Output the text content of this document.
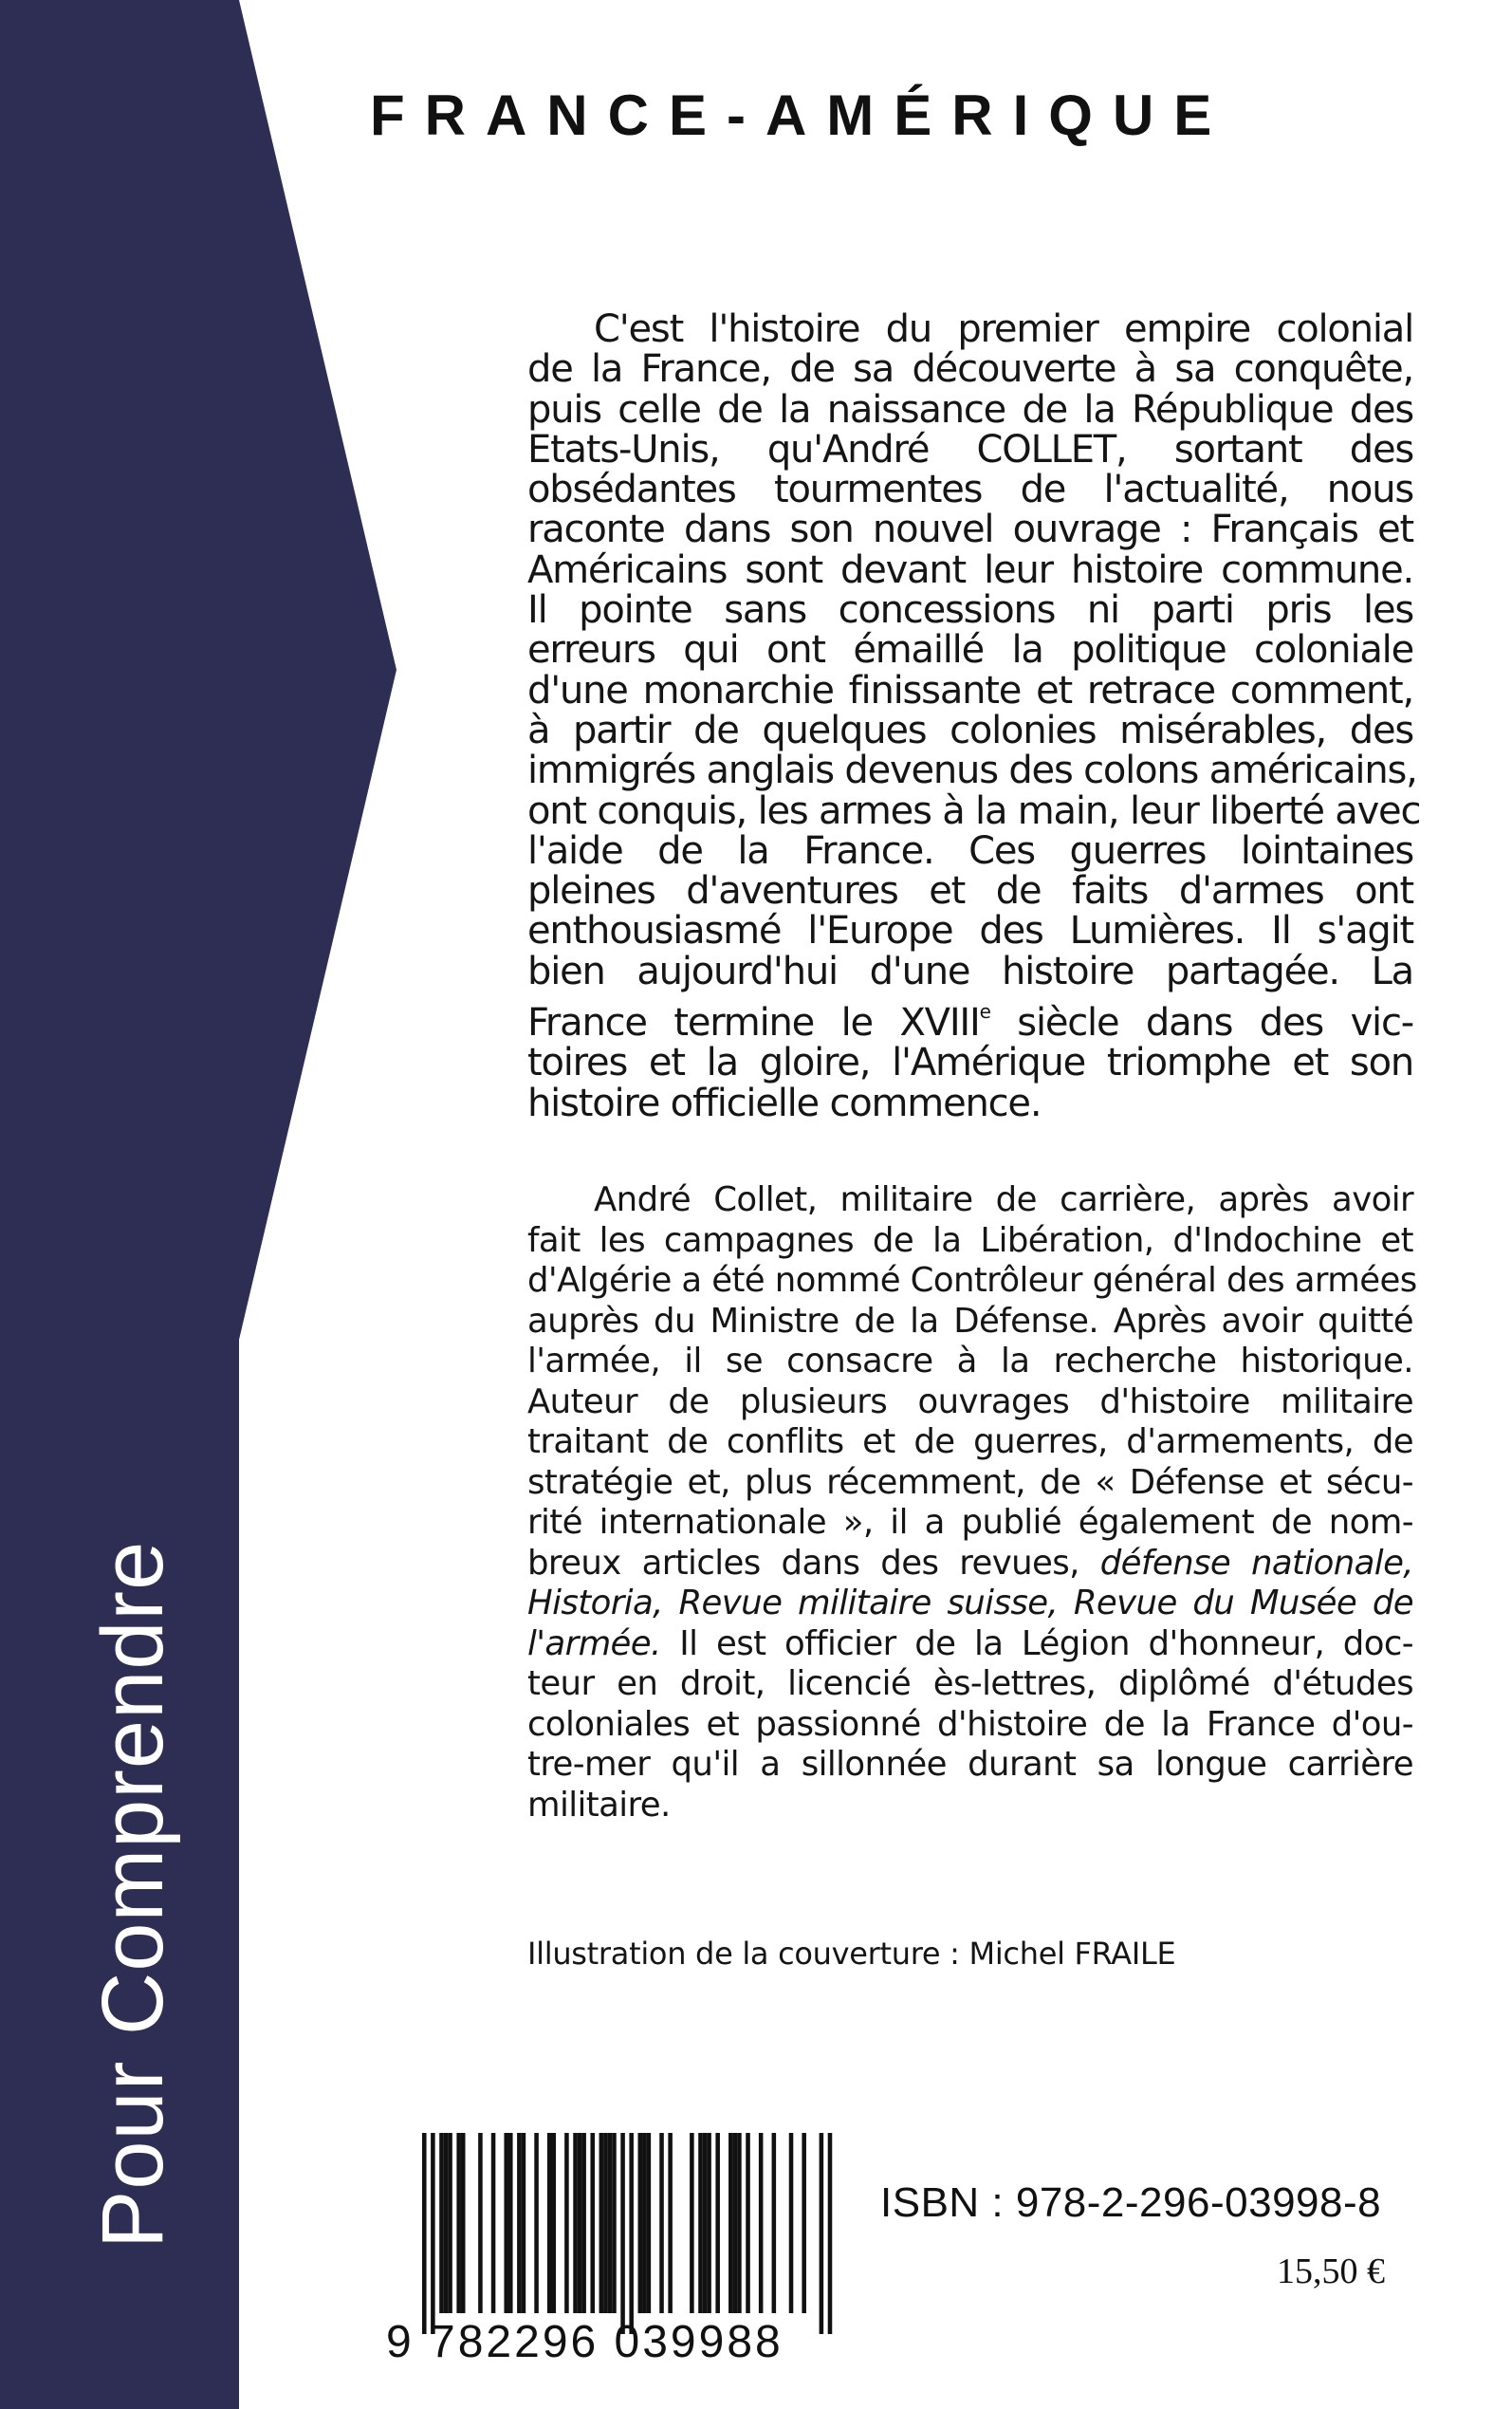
Pour Comprendre
FRANCE-AMÉRIQUE
C'est l'histoire du premier empire colonial
de la France, de sa découverte à sa conquête,
puis celle de la naissance de la République des
Etats-Unis, qu'André COLLET, sortant des
obsédantes tourmentes de l'actualité, nous
raconte dans son nouvel ouvrage : Français et
Américains sont devant leur histoire commune.
Il pointe sans concessions ni parti pris les
erreurs qui ont émaillé la politique coloniale
d'une monarchie finissante et retrace comment,
à partir de quelques colonies misérables, des
immigrés anglais devenus des colons américains,
ont conquis, les armes à la main, leur liberté avec
l'aide de la France. Ces guerres lointaines
pleines d'aventures et de faits d'armes ont
enthousiasmé l'Europe des Lumières. Il s'agit
bien aujourd'hui d'une histoire partagée. La
France termine le XVIIIe siècle dans des vic-
toires et la gloire, l'Amérique triomphe et son
histoire officielle commence.
André Collet, militaire de carrière, après avoir
fait les campagnes de la Libération, d'Indochine et
d'Algérie a été nommé Contrôleur général des armées
auprès du Ministre de la Défense. Après avoir quitté
l'armée, il se consacre à la recherche historique.
Auteur de plusieurs ouvrages d'histoire militaire
traitant de conflits et de guerres, d'armements, de
stratégie et, plus récemment, de « Défense et sécu-
rité internationale », il a publié également de nom-
breux articles dans des revues, défense nationale,
Historia, Revue militaire suisse, Revue du Musée de
l'armée. Il est officier de la Légion d'honneur, doc-
teur en droit, licencié ès-lettres, diplômé d'études
coloniales et passionné d'histoire de la France d'ou-
tre-mer qu'il a sillonnée durant sa longue carrière
militaire.
Illustration de la couverture : Michel FRAILE
9 782296 039988
ISBN : 978-2-296-03998-8
15,50 €
